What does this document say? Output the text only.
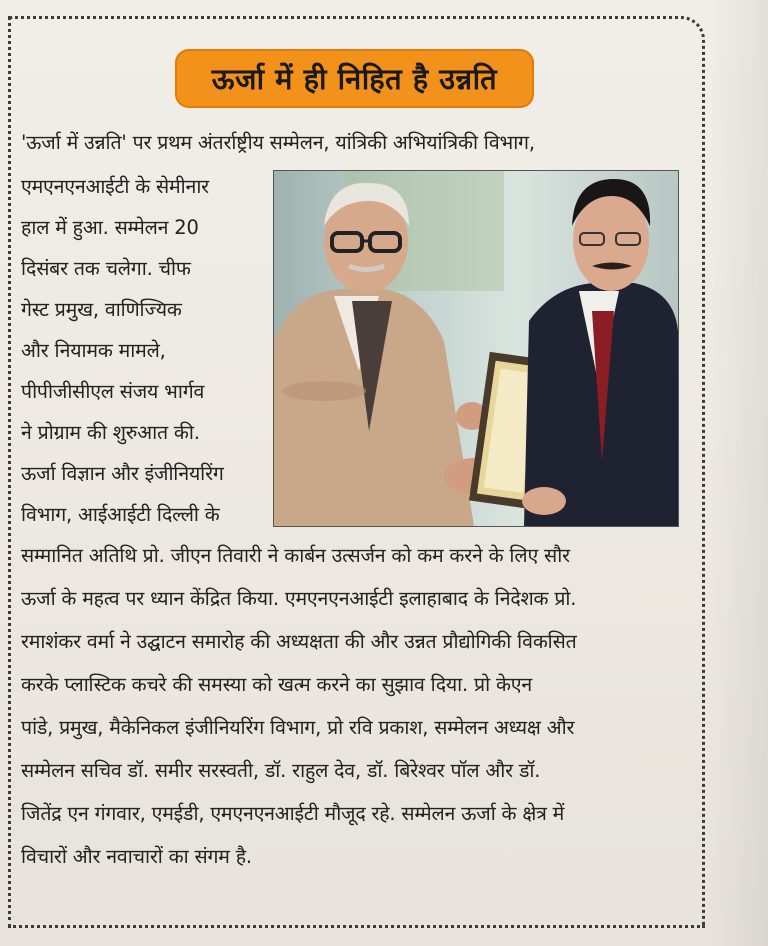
ऊर्जा में ही निहित है उन्नति
'ऊर्जा में उन्नति' पर प्रथम अंतर्राष्ट्रीय सम्मेलन, यांत्रिकी अभियांत्रिकी विभाग,
एमएनएनआईटी के सेमीनार
हाल में हुआ. सम्मेलन 20
दिसंबर तक चलेगा. चीफ
गेस्ट प्रमुख, वाणिज्यिक
और नियामक मामले,
पीपीजीसीएल संजय भार्गव
ने प्रोग्राम की शुरुआत की.
ऊर्जा विज्ञान और इंजीनियरिंग
विभाग, आईआईटी दिल्ली के
सम्मानित अतिथि प्रो. जीएन तिवारी ने कार्बन उत्सर्जन को कम करने के लिए सौर
ऊर्जा के महत्व पर ध्यान केंद्रित किया. एमएनएनआईटी इलाहाबाद के निदेशक प्रो.
रमाशंकर वर्मा ने उद्घाटन समारोह की अध्यक्षता की और उन्नत प्रौद्योगिकी विकसित
करके प्लास्टिक कचरे की समस्या को खत्म करने का सुझाव दिया. प्रो केएन
पांडे, प्रमुख, मैकेनिकल इंजीनियरिंग विभाग, प्रो रवि प्रकाश, सम्मेलन अध्यक्ष और
सम्मेलन सचिव डॉ. समीर सरस्वती, डॉ. राहुल देव, डॉ. बिरेश्वर पॉल और डॉ.
जितेंद्र एन गंगवार, एमईडी, एमएनएनआईटी मौजूद रहे. सम्मेलन ऊर्जा के क्षेत्र में
विचारों और नवाचारों का संगम है.
